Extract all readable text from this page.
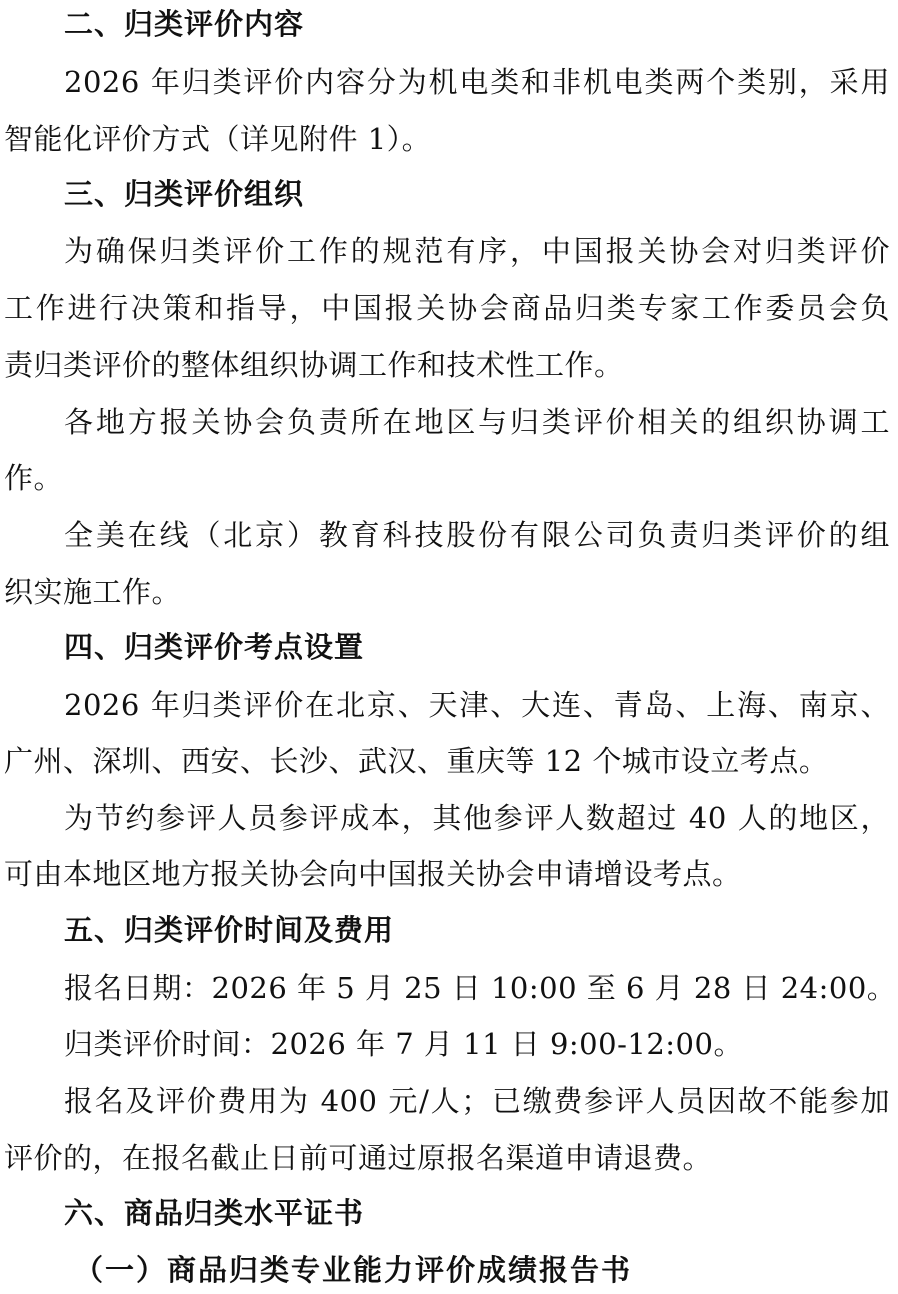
二、归类评价内容
2026 年归类评价内容分为机电类和非机电类两个类别，采用
智能化评价方式（详见附件 1）。
三、归类评价组织
为确保归类评价工作的规范有序，中国报关协会对归类评价
工作进行决策和指导，中国报关协会商品归类专家工作委员会负
责归类评价的整体组织协调工作和技术性工作。
各地方报关协会负责所在地区与归类评价相关的组织协调工
作。
全美在线（北京）教育科技股份有限公司负责归类评价的组
织实施工作。
四、归类评价考点设置
2026 年归类评价在北京、天津、大连、青岛、上海、南京、
广州、深圳、西安、长沙、武汉、重庆等 12 个城市设立考点。
为节约参评人员参评成本，其他参评人数超过 40 人的地区，
可由本地区地方报关协会向中国报关协会申请增设考点。
五、归类评价时间及费用
报名日期：2026 年 5 月 25 日 10:00 至 6 月 28 日 24:00。
归类评价时间：2026 年 7 月 11 日 9:00-12:00。
报名及评价费用为 400 元/人；已缴费参评人员因故不能参加
评价的，在报名截止日前可通过原报名渠道申请退费。
六、商品归类水平证书
（一）商品归类专业能力评价成绩报告书
